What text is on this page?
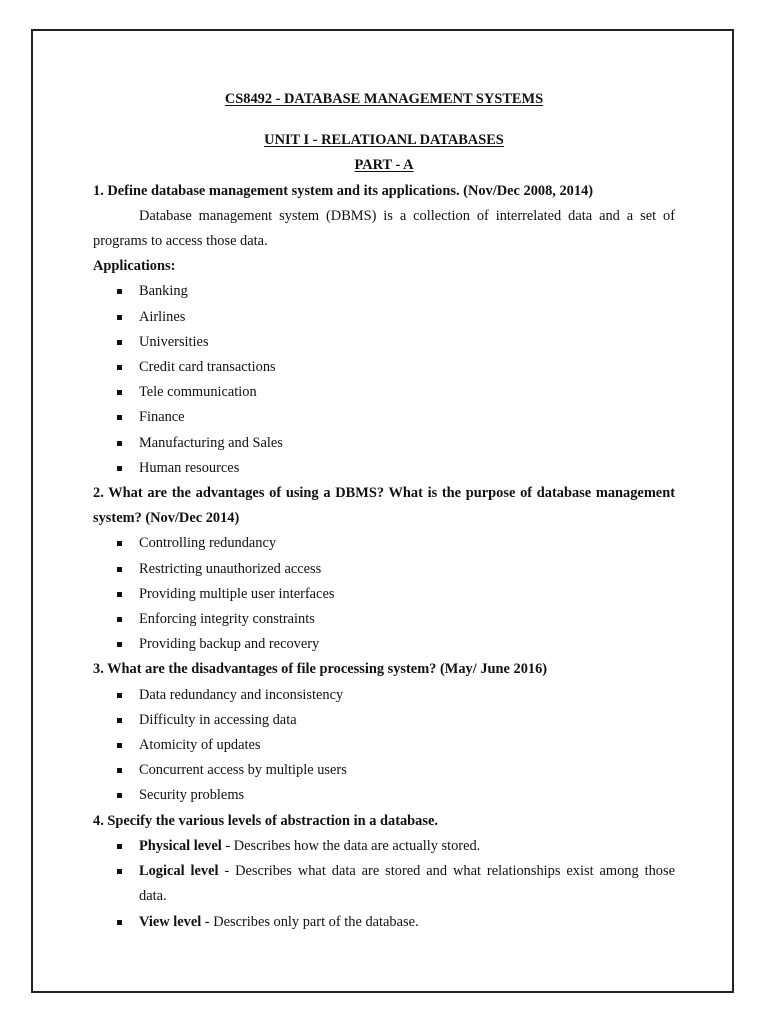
CS8492 - DATABASE MANAGEMENT SYSTEMS
UNIT I - RELATIOANL DATABASES
PART - A
1. Define database management system and its applications. (Nov/Dec 2008, 2014)
Database management system (DBMS) is a collection of interrelated data and a set of programs to access those data.
Applications:
Banking
Airlines
Universities
Credit card transactions
Tele communication
Finance
Manufacturing and Sales
Human resources
2. What are the advantages of using a DBMS? What is the purpose of database management system? (Nov/Dec 2014)
Controlling redundancy
Restricting unauthorized access
Providing multiple user interfaces
Enforcing integrity constraints
Providing backup and recovery
3. What are the disadvantages of file processing system? (May/ June 2016)
Data redundancy and inconsistency
Difficulty in accessing data
Atomicity of updates
Concurrent access by multiple users
Security problems
4. Specify the various levels of abstraction in a database.
Physical level - Describes how the data are actually stored.
Logical level - Describes what data are stored and what relationships exist among those data.
View level - Describes only part of the database.
